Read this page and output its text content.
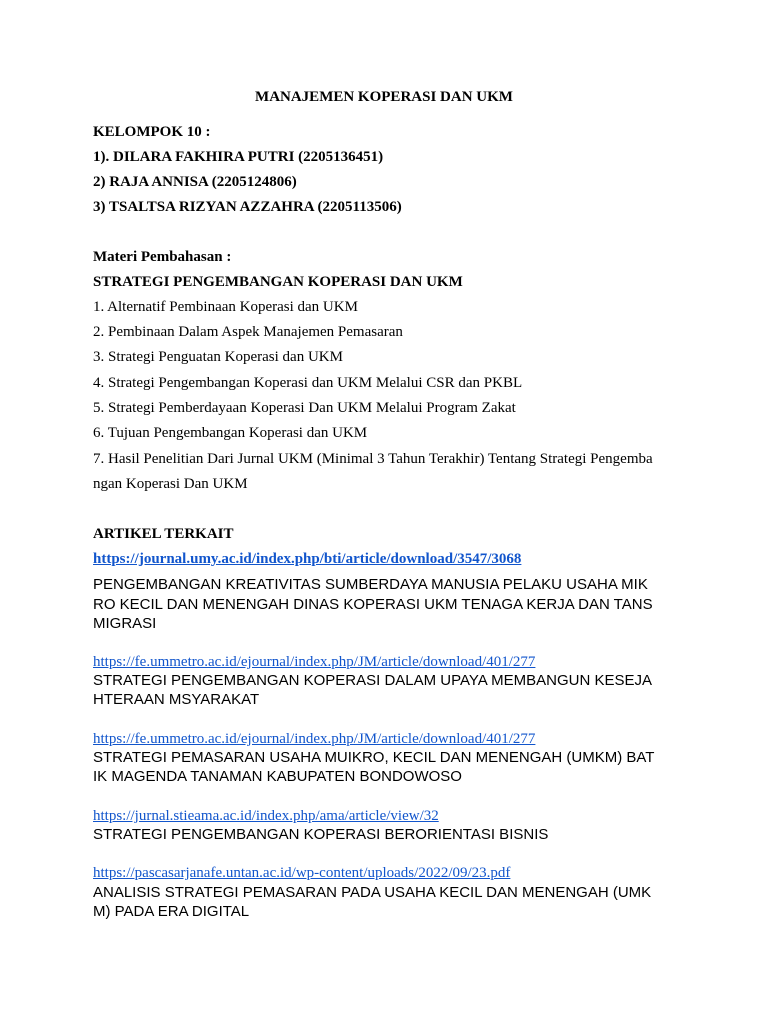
MANAJEMEN KOPERASI DAN UKM
KELOMPOK 10 :
1). DILARA FAKHIRA PUTRI (2205136451)
2) RAJA ANNISA (2205124806)
3) TSALTSA RIZYAN AZZAHRA (2205113506)
Materi Pembahasan :
STRATEGI PENGEMBANGAN KOPERASI DAN UKM
1. Alternatif Pembinaan Koperasi dan UKM
2. Pembinaan Dalam Aspek Manajemen Pemasaran
3. Strategi Penguatan Koperasi dan UKM
4. Strategi Pengembangan Koperasi dan UKM Melalui CSR dan PKBL
5. Strategi Pemberdayaan Koperasi Dan UKM Melalui Program Zakat
6. Tujuan Pengembangan Koperasi dan UKM
7. Hasil Penelitian Dari Jurnal UKM (Minimal 3 Tahun Terakhir) Tentang Strategi Pengemba
ngan Koperasi Dan UKM
ARTIKEL TERKAIT
https://journal.umy.ac.id/index.php/bti/article/download/3547/3068
PENGEMBANGAN KREATIVITAS SUMBERDAYA MANUSIA PELAKU USAHA MIK
RO KECIL DAN MENENGAH DINAS KOPERASI UKM TENAGA KERJA DAN TANS
MIGRASI
https://fe.ummetro.ac.id/ejournal/index.php/JM/article/download/401/277
STRATEGI PENGEMBANGAN KOPERASI DALAM UPAYA MEMBANGUN KESEJA
HTERAAN MSYARAKAT
https://fe.ummetro.ac.id/ejournal/index.php/JM/article/download/401/277
STRATEGI PEMASARAN USAHA MUIKRO, KECIL DAN MENENGAH (UMKM) BAT
IK MAGENDA TANAMAN KABUPATEN BONDOWOSO
https://jurnal.stieama.ac.id/index.php/ama/article/view/32
STRATEGI PENGEMBANGAN KOPERASI BERORIENTASI BISNIS
https://pascasarjanafe.untan.ac.id/wp-content/uploads/2022/09/23.pdf
ANALISIS STRATEGI PEMASARAN PADA USAHA KECIL DAN MENENGAH (UMK
M) PADA ERA DIGITAL
